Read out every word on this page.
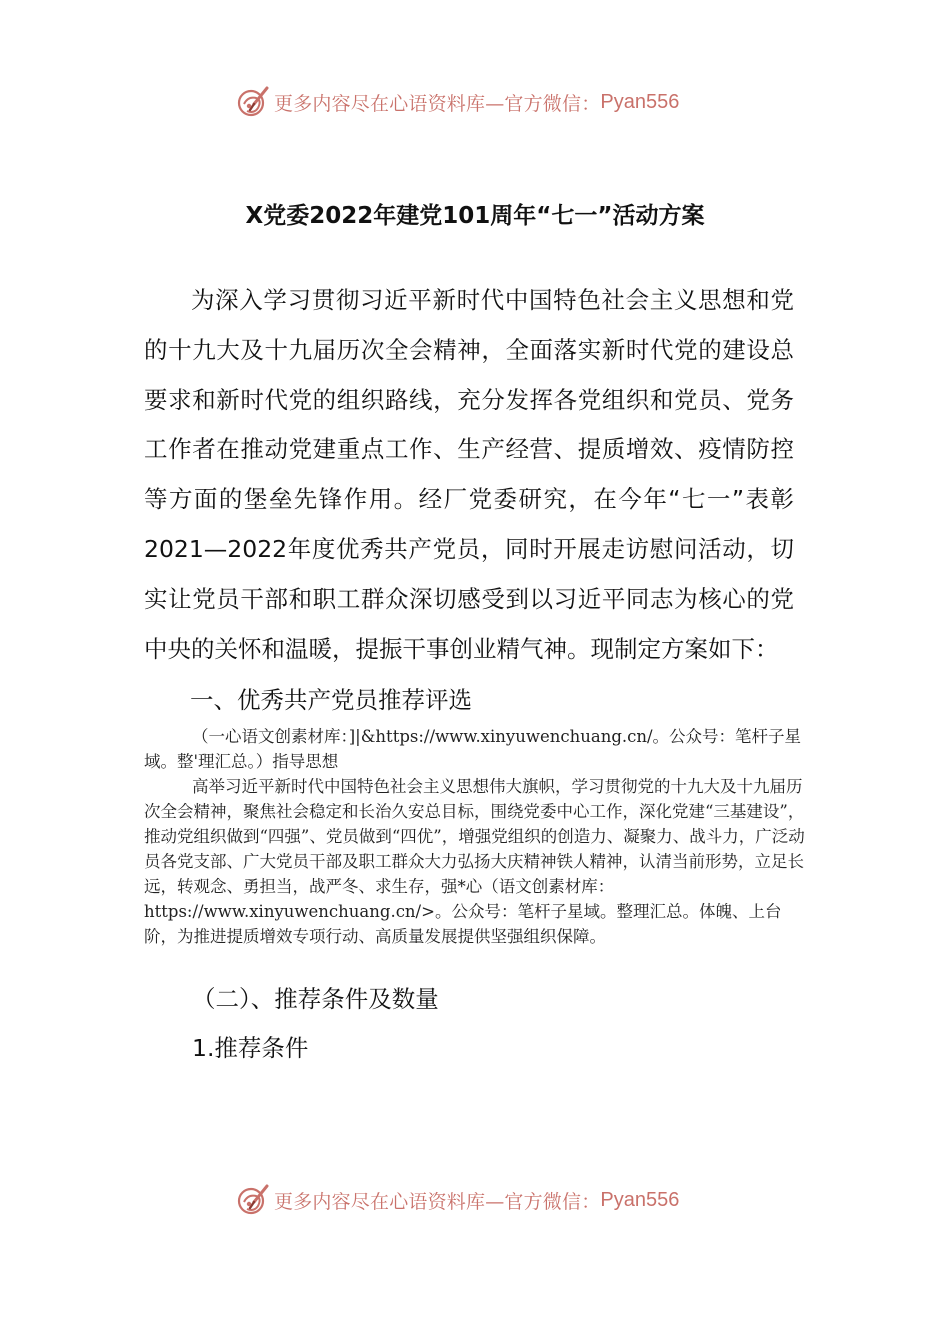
更多内容尽在心语资料库—官方微信： Pyan556
X党委2022年建党101周年“七一”活动方案
为深入学习贯彻习近平新时代中国特色社会主义思想和党的十九大及十九届历次全会精神，全面落实新时代党的建设总要求和新时代党的组织路线，充分发挥各党组织和党员、党务工作者在推动党建重点工作、生产经营、提质增效、疫情防控等方面的堡垒先锋作用。经厂党委研究，在今年“七一”表彰2021—2022年度优秀共产党员，同时开展走访慰问活动，切实让党员干部和职工群众深切感受到以习近平同志为核心的党中央的关怀和温暖，提振干事创业精气神。现制定方案如下：
一、优秀共产党员推荐评选

（一心语文创素材库：]|&https://www.xinyuwenchuang.cn/。公众号：笔杆子星域。整'理汇总。）指导思想

高举习近平新时代中国特色社会主义思想伟大旗帜，学习贯彻党的十九大及十九届历次全会精神，聚焦社会稳定和长治久安总目标，围绕党委中心工作，深化党建“三基建设”，推动党组织做到“四强”、党员做到“四优”，增强党组织的创造力、凝聚力、战斗力，广泛动员各党支部、广大党员干部及职工群众大力弘扬大庆精神铁人精神，认清当前形势，立足长远，转观念、勇担当，战严冬、求生存，强*心（语文创素材库：https://www.xinyuwenchuang.cn/>。公众号：笔杆子星域。整理汇总。体魄、上台阶，为推进提质增效专项行动、高质量发展提供坚强组织保障。

（二）、推荐条件及数量
1.推荐条件
更多内容尽在心语资料库—官方微信： Pyan556
